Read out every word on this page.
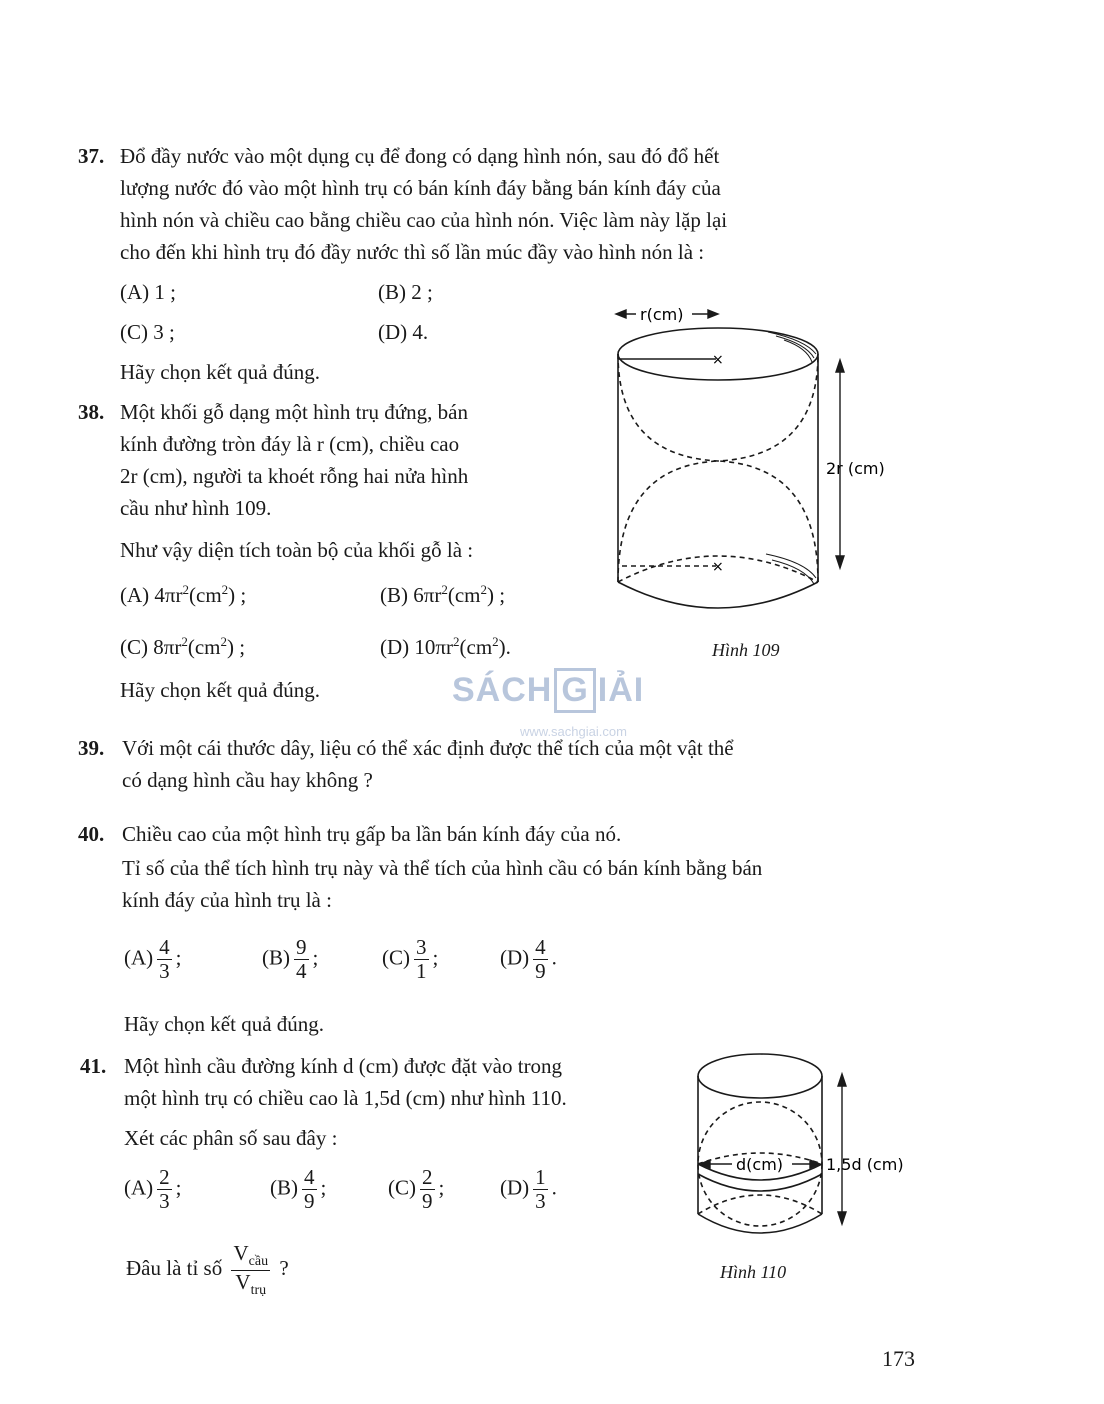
37. Đổ đầy nước vào một dụng cụ để đong có dạng hình nón, sau đó đổ hết
lượng nước đó vào một hình trụ có bán kính đáy bằng bán kính đáy của
hình nón và chiều cao bằng chiều cao của hình nón. Việc làm này lặp lại
cho đến khi hình trụ đó đầy nước thì số lần múc đầy vào hình nón là :
(A) 1 ;	(B) 2 ;
(C) 3 ;	(D) 4.
Hãy chọn kết quả đúng.
38. Một khối gỗ dạng một hình trụ đứng, bán
kính đường tròn đáy là r (cm), chiều cao
2r (cm), người ta khoét rỗng hai nửa hình
cầu như hình 109.
Như vậy diện tích toàn bộ của khối gỗ là :
(A) $4\pi r^2(cm^2)$ ;	(B) $6\pi r^2(cm^2)$ ;
(C) $8\pi r^2(cm^2)$ ;	(D) $10\pi r^2(cm^2)$.
Hãy chọn kết quả đúng.
×
×
r(cm)
2r (cm)
Hình 109
SÁCH G IẢI
www.sachgiai.com
39. Với một cái thước dây, liệu có thể xác định được thể tích của một vật thể
có dạng hình cầu hay không ?
40. Chiều cao của một hình trụ gấp ba lần bán kính đáy của nó.
Tỉ số của thể tích hình trụ này và thể tích của hình cầu có bán kính bằng bán
kính đáy của hình trụ là :
$(A) \frac{4}{3}$ ;	$(B) \frac{9}{4}$ ;	$(C) \frac{3}{1}$ ;	$(D) \frac{4}{9}$ .
Hãy chọn kết quả đúng.
41. Một hình cầu đường kính d (cm) được đặt vào trong
một hình trụ có chiều cao là 1,5d (cm) như hình 110.
Xét các phân số sau đây :
$(A) \frac{2}{3}$ ;	$(B) \frac{4}{9}$ ;	$(C) \frac{2}{9}$ ;	$(D) \frac{1}{3}$ .
Đâu là tỉ số $\frac{V_{cầu}}{V_{trụ}}$ ?
d(cm)	1,5d (cm)
Hình 110
173
